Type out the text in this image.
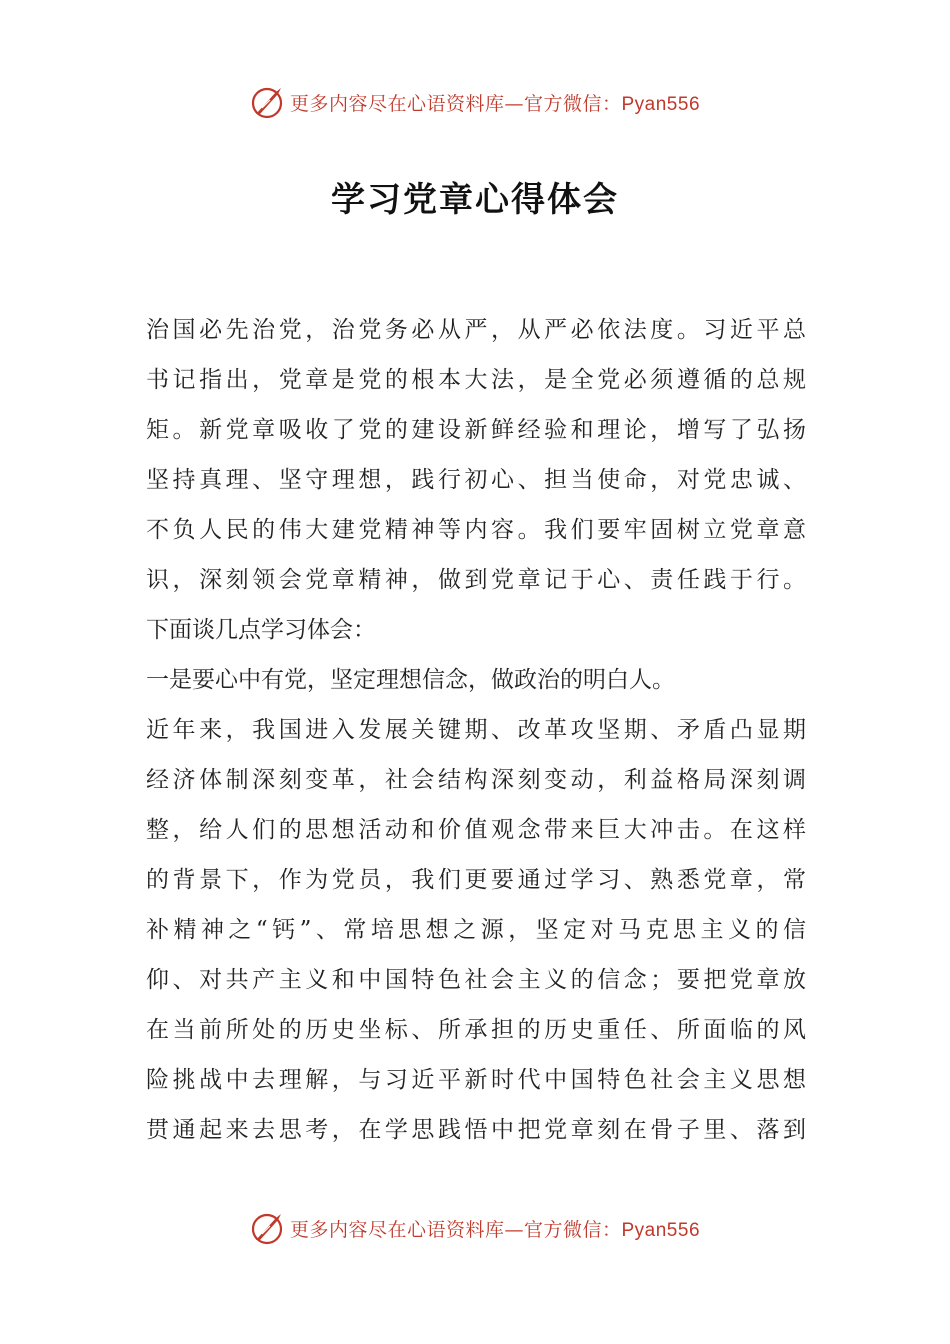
更多内容尽在心语资料库—官方微信：Pyan556
学习党章心得体会
治国必先治党，治党务必从严，从严必依法度。习近平总
书记指出，党章是党的根本大法，是全党必须遵循的总规
矩。新党章吸收了党的建设新鲜经验和理论，增写了弘扬
坚持真理、坚守理想，践行初心、担当使命，对党忠诚、
不负人民的伟大建党精神等内容。我们要牢固树立党章意
识，深刻领会党章精神，做到党章记于心、责任践于行。
下面谈几点学习体会：
一是要心中有党，坚定理想信念，做政治的明白人。
近年来，我国进入发展关键期、改革攻坚期、矛盾凸显期
经济体制深刻变革，社会结构深刻变动，利益格局深刻调
整，给人们的思想活动和价值观念带来巨大冲击。在这样
的背景下，作为党员，我们更要通过学习、熟悉党章，常
补精神之“钙”、常培思想之源，坚定对马克思主义的信
仰、对共产主义和中国特色社会主义的信念；要把党章放
在当前所处的历史坐标、所承担的历史重任、所面临的风
险挑战中去理解，与习近平新时代中国特色社会主义思想
贯通起来去思考，在学思践悟中把党章刻在骨子里、落到
更多内容尽在心语资料库—官方微信：Pyan556
